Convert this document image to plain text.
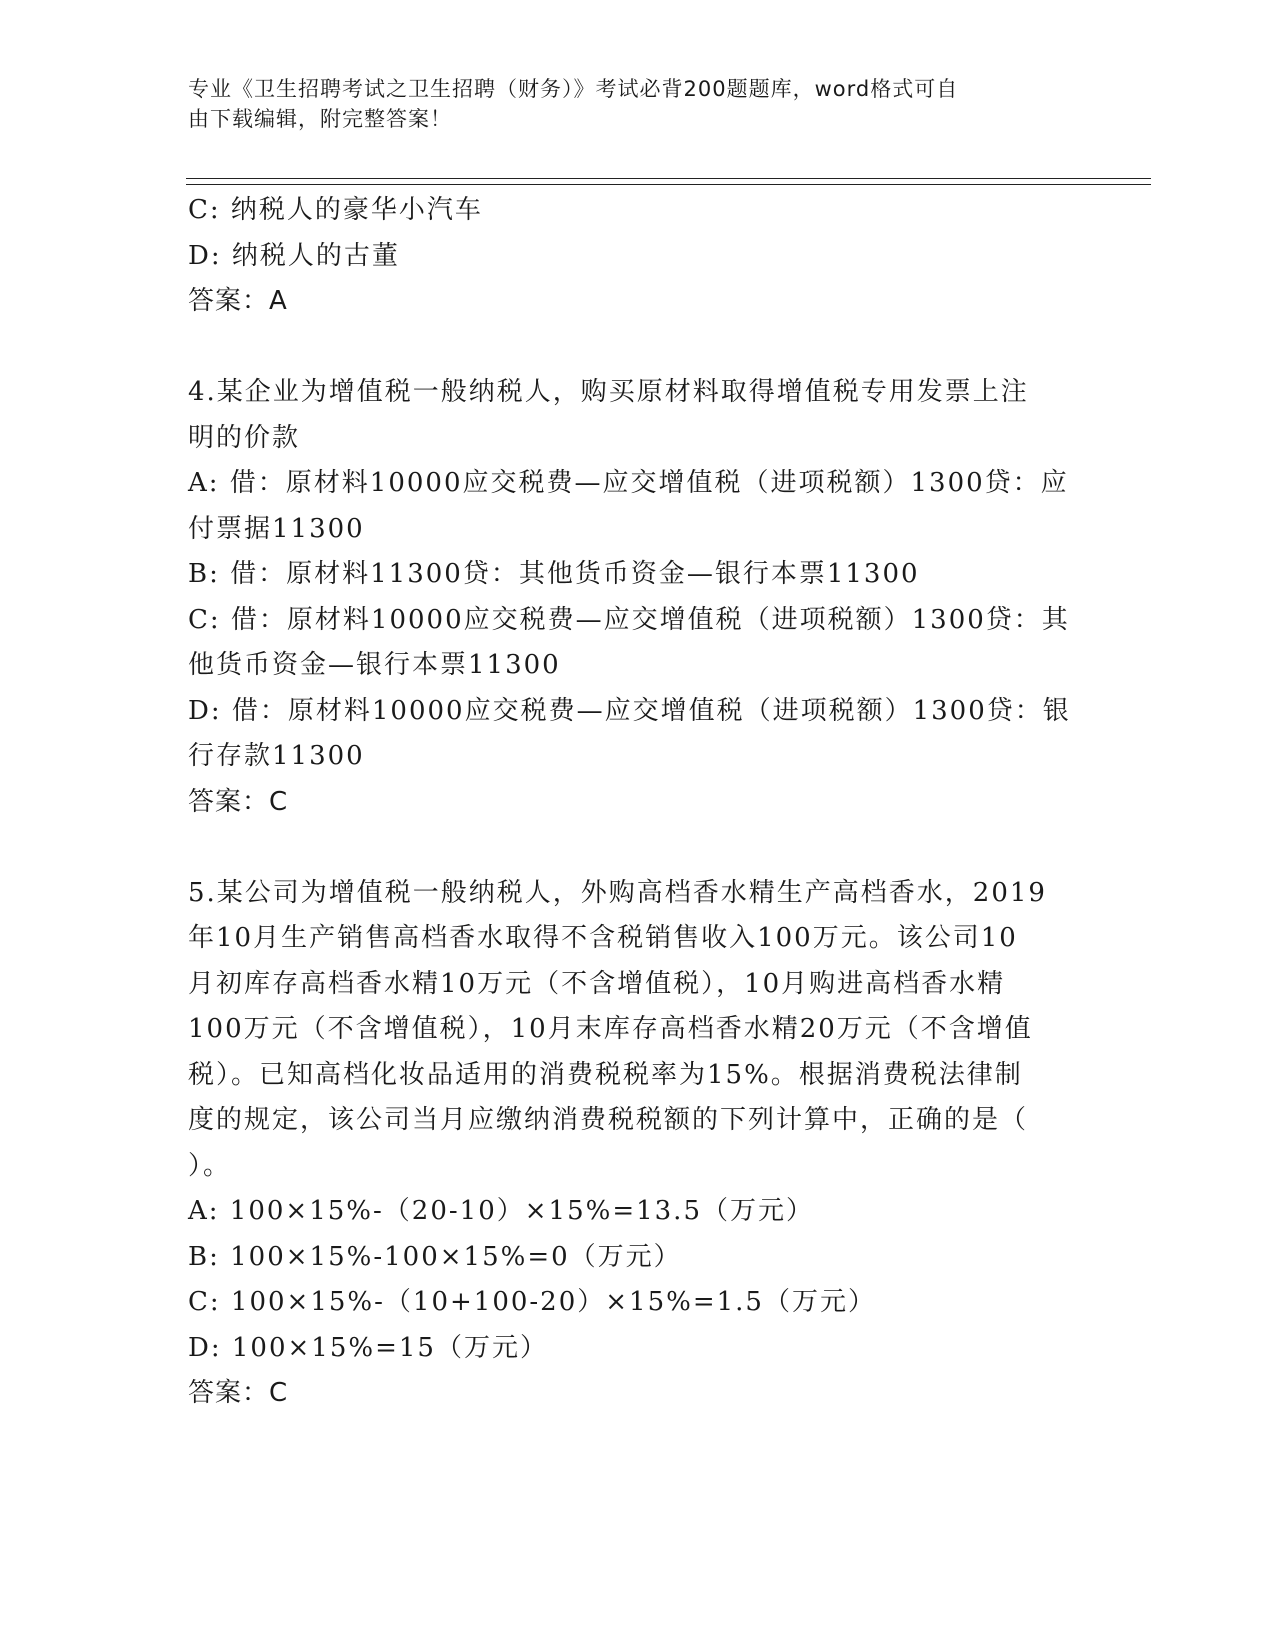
专业《卫生招聘考试之卫生招聘（财务）》考试必背200题题库，word格式可自
由下载编辑，附完整答案！
C: 纳税人的豪华小汽车
D: 纳税人的古董
答案：A
4.某企业为增值税一般纳税人，购买原材料取得增值税专用发票上注
明的价款
A: 借：原材料10000应交税费—应交增值税（进项税额）1300贷：应
付票据11300
B: 借：原材料11300贷：其他货币资金—银行本票11300
C: 借：原材料10000应交税费—应交增值税（进项税额）1300贷：其
他货币资金—银行本票11300
D: 借：原材料10000应交税费—应交增值税（进项税额）1300贷：银
行存款11300
答案：C
5.某公司为增值税一般纳税人，外购高档香水精生产高档香水，2019
年10月生产销售高档香水取得不含税销售收入100万元。该公司10
月初库存高档香水精10万元（不含增值税），10月购进高档香水精
100万元（不含增值税），10月末库存高档香水精20万元（不含增值
税）。已知高档化妆品适用的消费税税率为15%。根据消费税法律制
度的规定，该公司当月应缴纳消费税税额的下列计算中，正确的是（
）。
A: 100×15%-（20-10）×15%=13.5（万元）
B: 100×15%-100×15%=0（万元）
C: 100×15%-（10+100-20）×15%=1.5（万元）
D: 100×15%=15（万元）
答案：C
